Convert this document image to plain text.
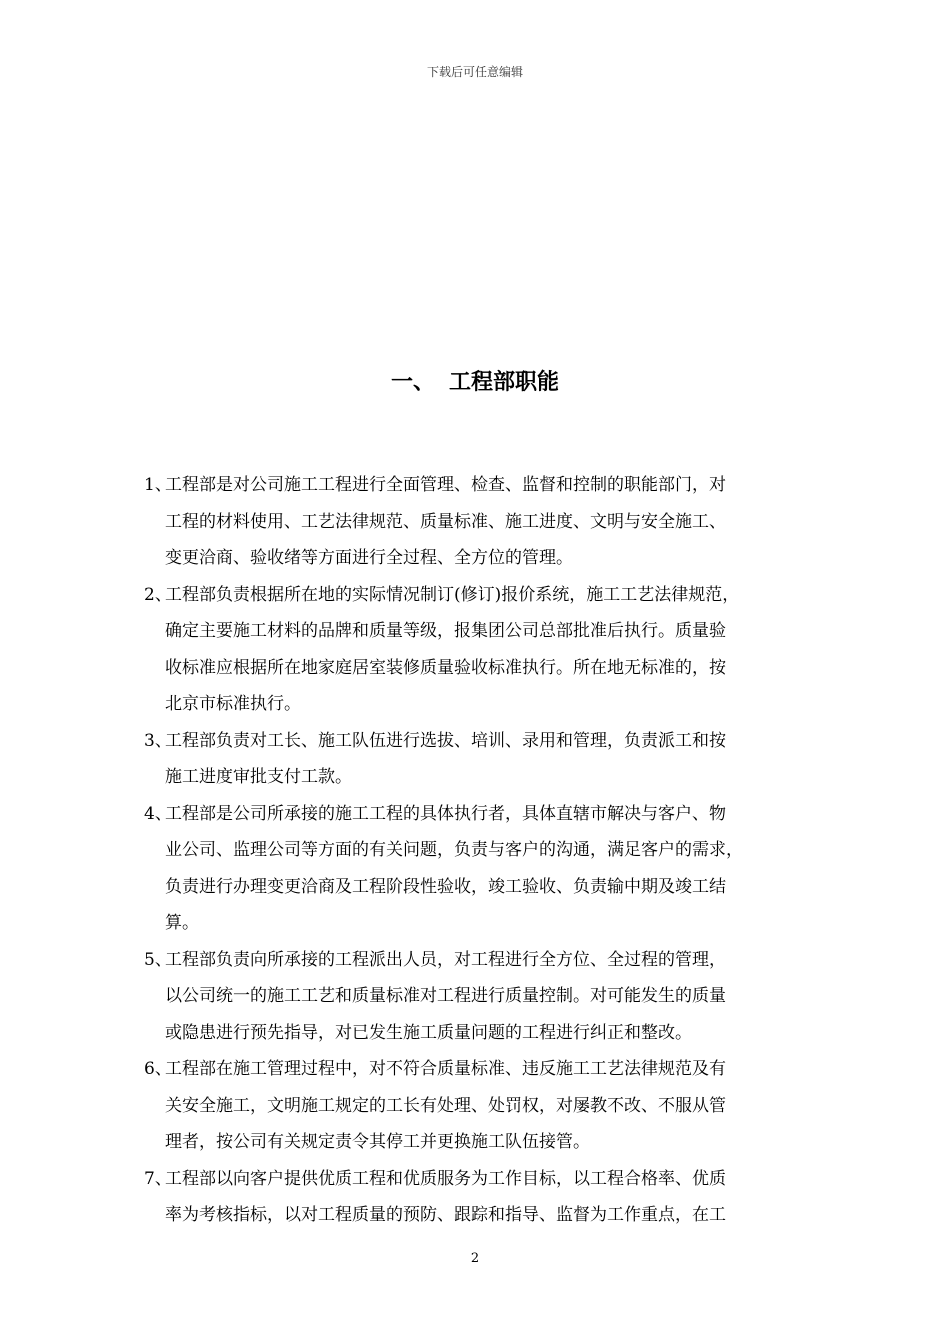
下载后可任意编辑
一、 工程部职能
1、
工程部是对公司施工工程进行全面管理、检查、监督和控制的职能部门，对
工程的材料使用、工艺法律规范、质量标准、施工进度、文明与安全施工、
变更洽商、验收绪等方面进行全过程、全方位的管理。
2、
工程部负责根据所在地的实际情况制订(修订)报价系统，施工工艺法律规范，
确定主要施工材料的品牌和质量等级，报集团公司总部批准后执行。质量验
收标准应根据所在地家庭居室装修质量验收标准执行。所在地无标准的，按
北京市标准执行。
3、
工程部负责对工长、施工队伍进行选拔、培训、录用和管理，负责派工和按
施工进度审批支付工款。
4、
工程部是公司所承接的施工工程的具体执行者，具体直辖市解决与客户、物
业公司、监理公司等方面的有关问题，负责与客户的沟通，满足客户的需求，
负责进行办理变更洽商及工程阶段性验收，竣工验收、负责输中期及竣工结
算。
5、
工程部负责向所承接的工程派出人员，对工程进行全方位、全过程的管理，
以公司统一的施工工艺和质量标准对工程进行质量控制。对可能发生的质量
或隐患进行预先指导，对已发生施工质量问题的工程进行纠正和整改。
6、
工程部在施工管理过程中，对不符合质量标准、违反施工工艺法律规范及有
关安全施工，文明施工规定的工长有处理、处罚权，对屡教不改、不服从管
理者，按公司有关规定责令其停工并更换施工队伍接管。
7、
工程部以向客户提供优质工程和优质服务为工作目标，以工程合格率、优质
率为考核指标，以对工程质量的预防、跟踪和指导、监督为工作重点，在工
2
